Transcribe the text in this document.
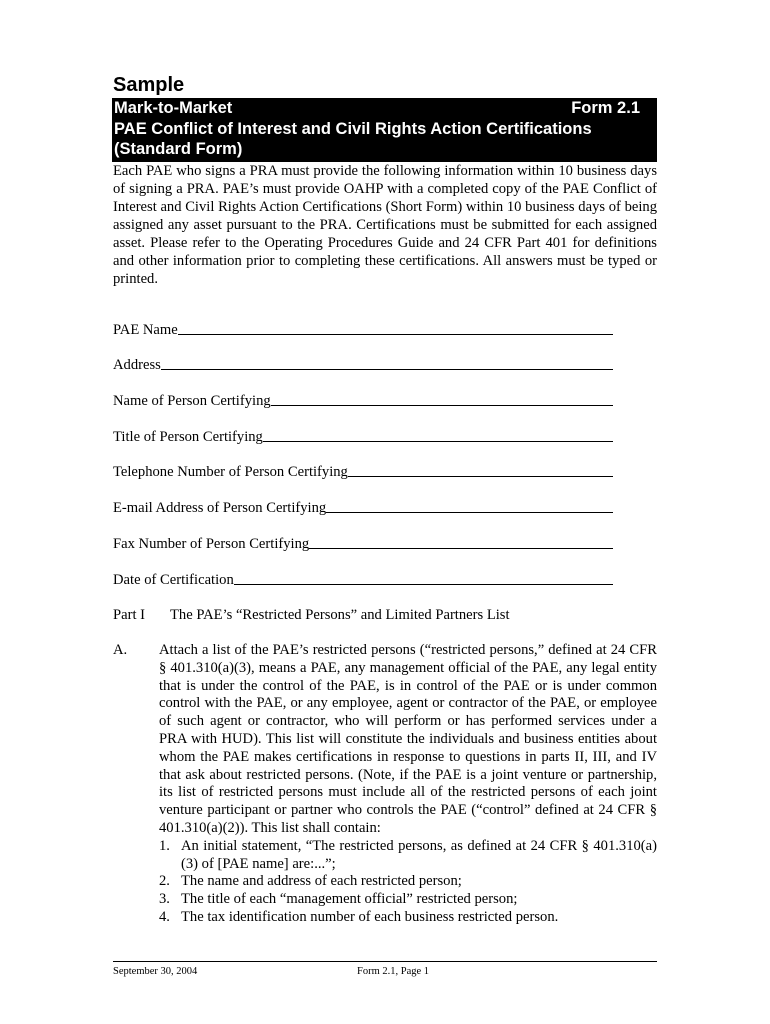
Sample
Mark-to-Market	Form 2.1
PAE Conflict of Interest and Civil Rights Action Certifications
(Standard Form)
Each PAE who signs a PRA must provide the following information within 10 business days of signing a PRA. PAE’s must provide OAHP with a completed copy of the PAE Conflict of Interest and Civil Rights Action Certifications (Short Form) within 10 business days of being assigned any asset pursuant to the PRA. Certifications must be submitted for each assigned asset. Please refer to the Operating Procedures Guide and 24 CFR Part 401 for definitions and other information prior to completing these certifications. All answers must be typed or printed.
PAE Name
Address
Name of Person Certifying
Title of Person Certifying
Telephone Number of Person Certifying
E-mail Address of Person Certifying
Fax Number of Person Certifying
Date of Certification
Part I	The PAE’s “Restricted Persons” and Limited Partners List
A. Attach a list of the PAE’s restricted persons (“restricted persons,” defined at 24 CFR § 401.310(a)(3), means a PAE, any management official of the PAE, any legal entity that is under the control of the PAE, is in control of the PAE or is under common control with the PAE, or any employee, agent or contractor of the PAE, or employee of such agent or contractor, who will perform or has performed services under a PRA with HUD). This list will constitute the individuals and business entities about whom the PAE makes certifications in response to questions in parts II, III, and IV that ask about restricted persons. (Note, if the PAE is a joint venture or partnership, its list of restricted persons must include all of the restricted persons of each joint venture participant or partner who controls the PAE (“control” defined at 24 CFR § 401.310(a)(2)). This list shall contain:
1. An initial statement, “The restricted persons, as defined at 24 CFR § 401.310(a)(3) of [PAE name] are:...”;
2. The name and address of each restricted person;
3. The title of each “management official” restricted person;
4. The tax identification number of each business restricted person.
September 30, 2004	Form 2.1, Page 1
